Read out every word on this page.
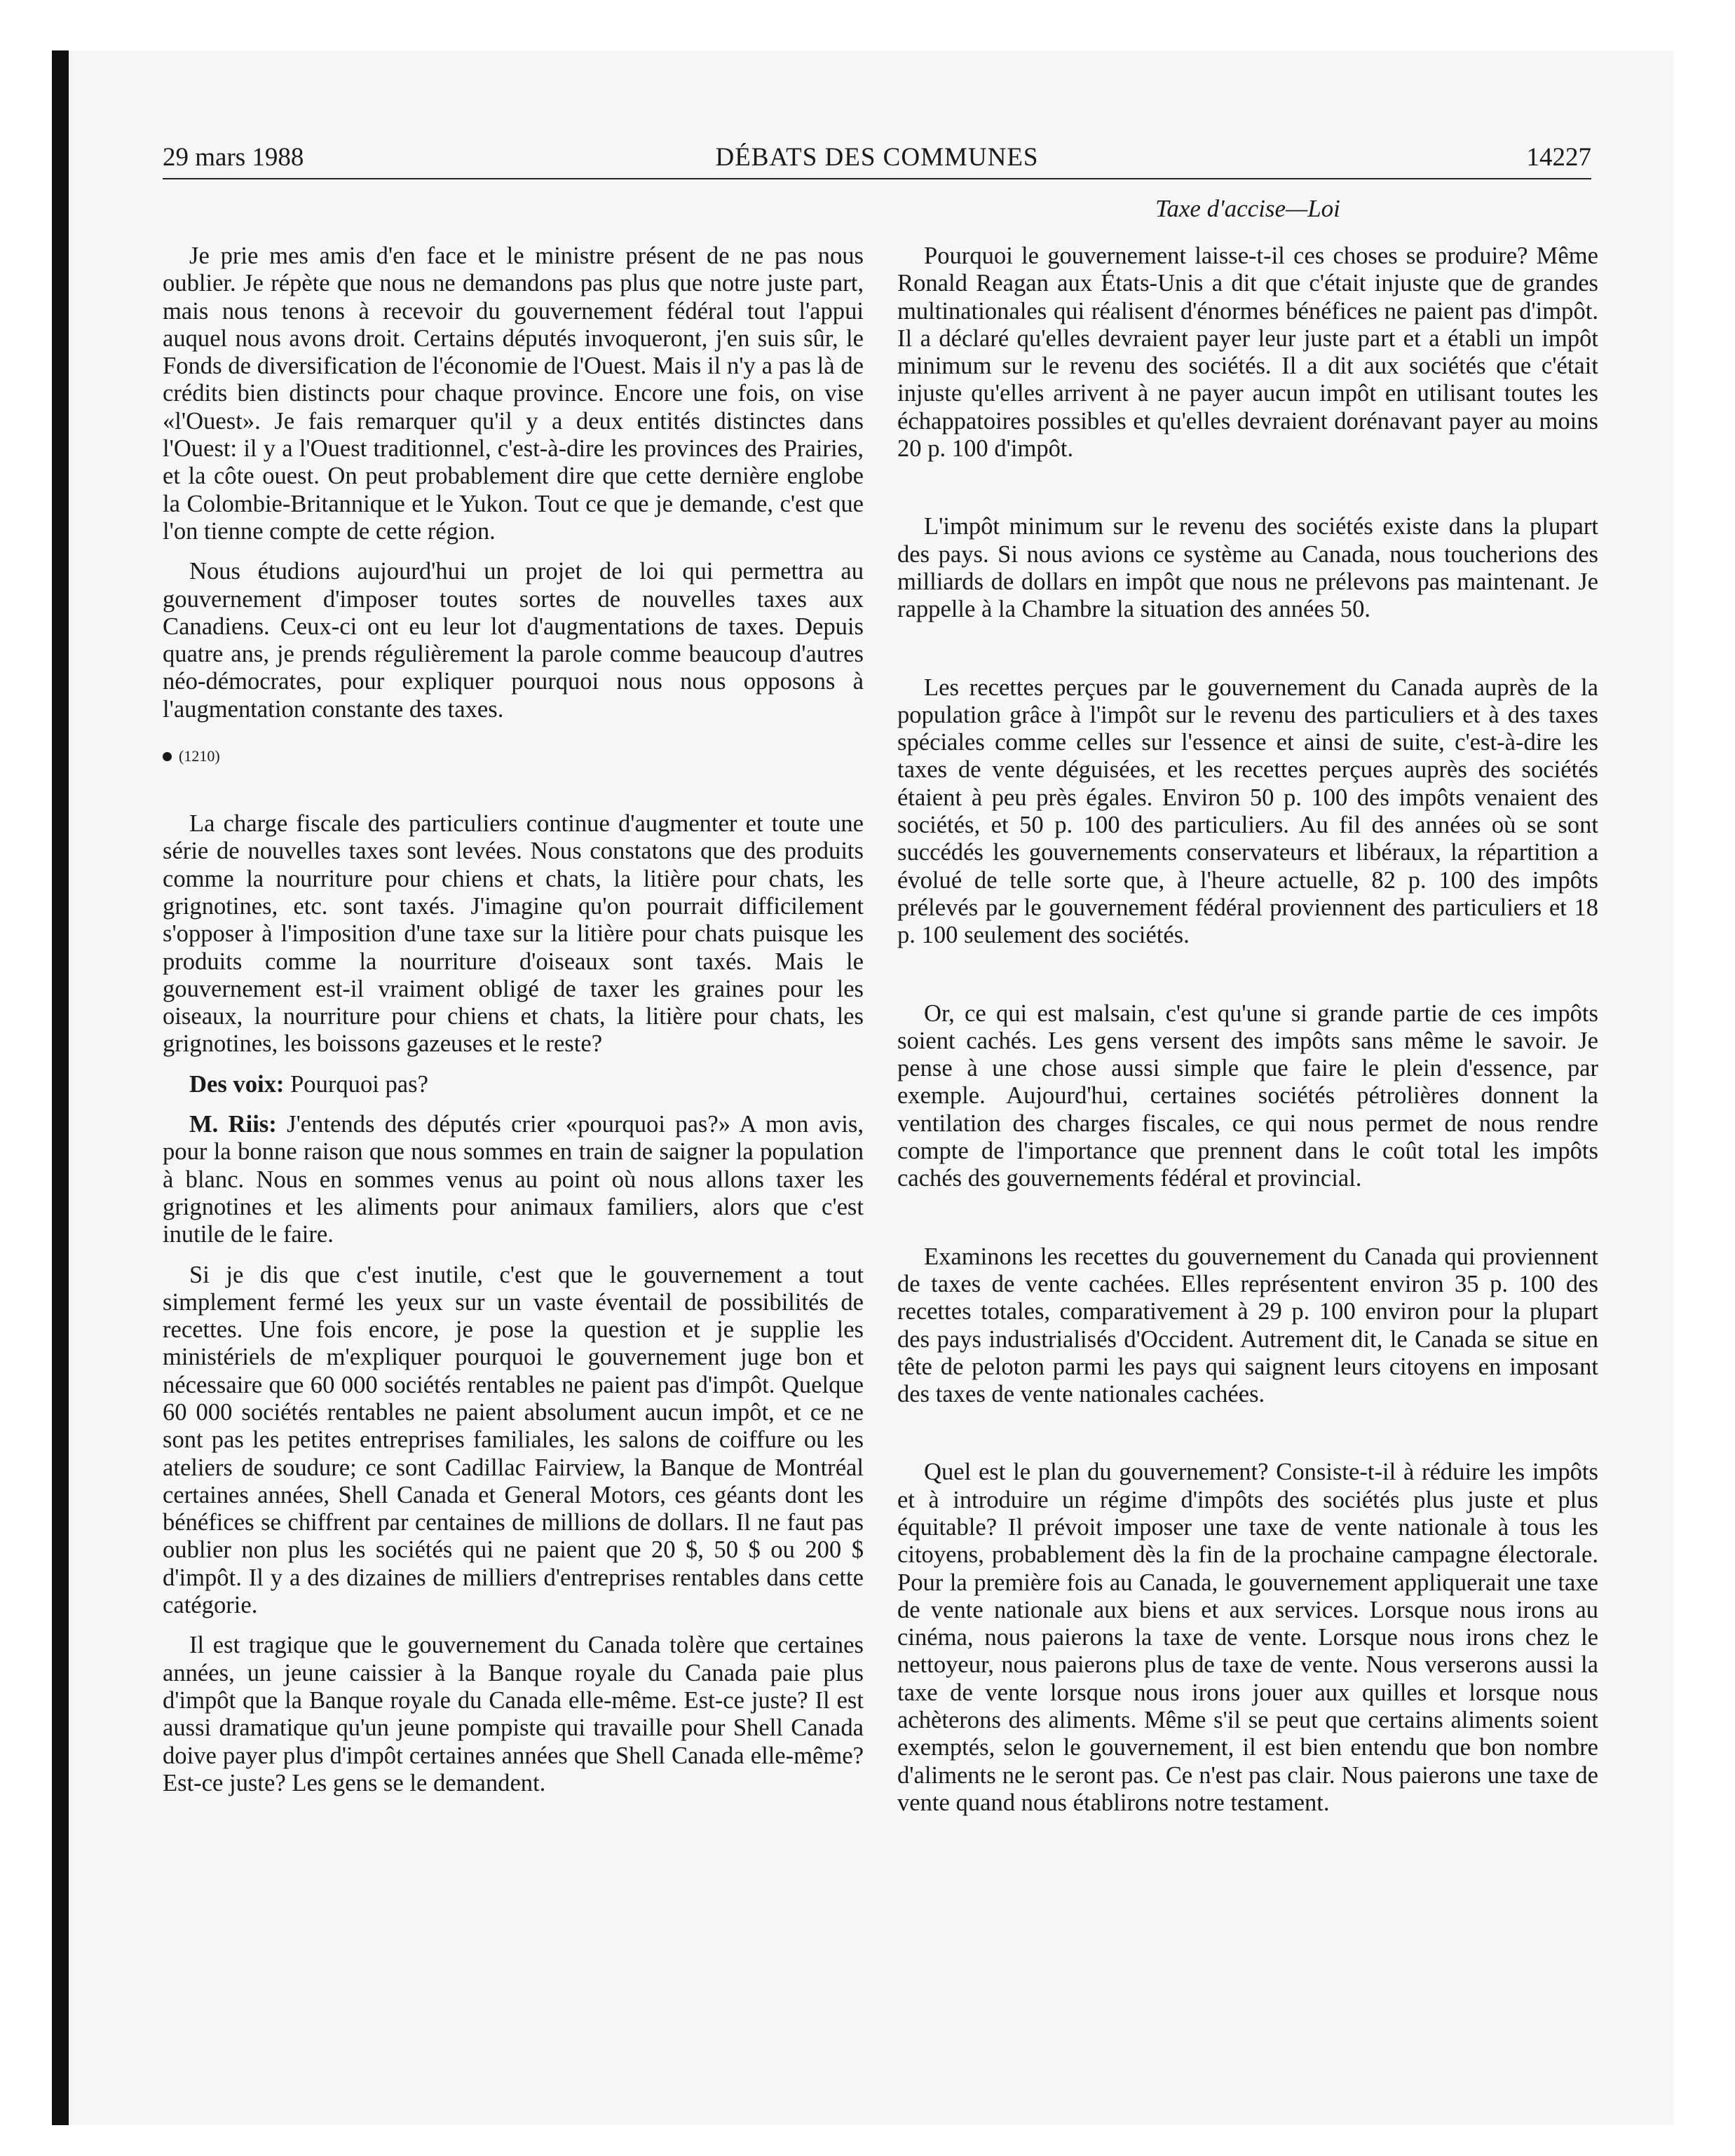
29 mars 1988	DÉBATS DES COMMUNES	14227
Taxe d'accise—Loi

Je prie mes amis d'en face et le ministre présent de ne pas nous oublier. Je répète que nous ne demandons pas plus que notre juste part, mais nous tenons à recevoir du gouvernement fédéral tout l'appui auquel nous avons droit. Certains députés invoqueront, j'en suis sûr, le Fonds de diversification de l'économie de l'Ouest. Mais il n'y a pas là de crédits bien distincts pour chaque province. Encore une fois, on vise «l'Ouest». Je fais remarquer qu'il y a deux entités distinctes dans l'Ouest: il y a l'Ouest traditionnel, c'est-à-dire les provinces des Prairies, et la côte ouest. On peut probablement dire que cette dernière englobe la Colombie-Britannique et le Yukon. Tout ce que je demande, c'est que l'on tienne compte de cette région.

Nous étudions aujourd'hui un projet de loi qui permettra au gouvernement d'imposer toutes sortes de nouvelles taxes aux Canadiens. Ceux-ci ont eu leur lot d'augmentations de taxes. Depuis quatre ans, je prends régulièrement la parole comme beaucoup d'autres néo-démocrates, pour expliquer pourquoi nous nous opposons à l'augmentation constante des taxes.

(1210)

La charge fiscale des particuliers continue d'augmenter et toute une série de nouvelles taxes sont levées. Nous constatons que des produits comme la nourriture pour chiens et chats, la litière pour chats, les grignotines, etc. sont taxés. J'imagine qu'on pourrait difficilement s'opposer à l'imposition d'une taxe sur la litière pour chats puisque les produits comme la nourriture d'oiseaux sont taxés. Mais le gouvernement est-il vraiment obligé de taxer les graines pour les oiseaux, la nourriture pour chiens et chats, la litière pour chats, les grignotines, les boissons gazeuses et le reste?

Des voix: Pourquoi pas?

M. Riis: J'entends des députés crier «pourquoi pas?» A mon avis, pour la bonne raison que nous sommes en train de saigner la population à blanc. Nous en sommes venus au point où nous allons taxer les grignotines et les aliments pour animaux familiers, alors que c'est inutile de le faire.

Si je dis que c'est inutile, c'est que le gouvernement a tout simplement fermé les yeux sur un vaste éventail de possibilités de recettes. Une fois encore, je pose la question et je supplie les ministériels de m'expliquer pourquoi le gouvernement juge bon et nécessaire que 60 000 sociétés rentables ne paient pas d'impôt. Quelque 60 000 sociétés rentables ne paient absolument aucun impôt, et ce ne sont pas les petites entreprises familiales, les salons de coiffure ou les ateliers de soudure; ce sont Cadillac Fairview, la Banque de Montréal certaines années, Shell Canada et General Motors, ces géants dont les bénéfices se chiffrent par centaines de millions de dollars. Il ne faut pas oublier non plus les sociétés qui ne paient que 20 $, 50 $ ou 200 $ d'impôt. Il y a des dizaines de milliers d'entreprises rentables dans cette catégorie.

Il est tragique que le gouvernement du Canada tolère que certaines années, un jeune caissier à la Banque royale du Canada paie plus d'impôt que la Banque royale du Canada elle-même. Est-ce juste? Il est aussi dramatique qu'un jeune pompiste qui travaille pour Shell Canada doive payer plus d'impôt certaines années que Shell Canada elle-même? Est-ce juste? Les gens se le demandent.

Pourquoi le gouvernement laisse-t-il ces choses se produire? Même Ronald Reagan aux États-Unis a dit que c'était injuste que de grandes multinationales qui réalisent d'énormes bénéfices ne paient pas d'impôt. Il a déclaré qu'elles devraient payer leur juste part et a établi un impôt minimum sur le revenu des sociétés. Il a dit aux sociétés que c'était injuste qu'elles arrivent à ne payer aucun impôt en utilisant toutes les échappatoires possibles et qu'elles devraient dorénavant payer au moins 20 p. 100 d'impôt.

L'impôt minimum sur le revenu des sociétés existe dans la plupart des pays. Si nous avions ce système au Canada, nous toucherions des milliards de dollars en impôt que nous ne prélevons pas maintenant. Je rappelle à la Chambre la situation des années 50.

Les recettes perçues par le gouvernement du Canada auprès de la population grâce à l'impôt sur le revenu des particuliers et à des taxes spéciales comme celles sur l'essence et ainsi de suite, c'est-à-dire les taxes de vente déguisées, et les recettes perçues auprès des sociétés étaient à peu près égales. Environ 50 p. 100 des impôts venaient des sociétés, et 50 p. 100 des particuliers. Au fil des années où se sont succédés les gouvernements conservateurs et libéraux, la répartition a évolué de telle sorte que, à l'heure actuelle, 82 p. 100 des impôts prélevés par le gouvernement fédéral proviennent des particuliers et 18 p. 100 seulement des sociétés.

Or, ce qui est malsain, c'est qu'une si grande partie de ces impôts soient cachés. Les gens versent des impôts sans même le savoir. Je pense à une chose aussi simple que faire le plein d'essence, par exemple. Aujourd'hui, certaines sociétés pétrolières donnent la ventilation des charges fiscales, ce qui nous permet de nous rendre compte de l'importance que prennent dans le coût total les impôts cachés des gouvernements fédéral et provincial.

Examinons les recettes du gouvernement du Canada qui proviennent de taxes de vente cachées. Elles représentent environ 35 p. 100 des recettes totales, comparativement à 29 p. 100 environ pour la plupart des pays industrialisés d'Occident. Autrement dit, le Canada se situe en tête de peloton parmi les pays qui saignent leurs citoyens en imposant des taxes de vente nationales cachées.

Quel est le plan du gouvernement? Consiste-t-il à réduire les impôts et à introduire un régime d'impôts des sociétés plus juste et plus équitable? Il prévoit imposer une taxe de vente nationale à tous les citoyens, probablement dès la fin de la prochaine campagne électorale. Pour la première fois au Canada, le gouvernement appliquerait une taxe de vente nationale aux biens et aux services. Lorsque nous irons au cinéma, nous paierons la taxe de vente. Lorsque nous irons chez le nettoyeur, nous paierons plus de taxe de vente. Nous verserons aussi la taxe de vente lorsque nous irons jouer aux quilles et lorsque nous achèterons des aliments. Même s'il se peut que certains aliments soient exemptés, selon le gouvernement, il est bien entendu que bon nombre d'aliments ne le seront pas. Ce n'est pas clair. Nous paierons une taxe de vente quand nous établirons notre testament.
